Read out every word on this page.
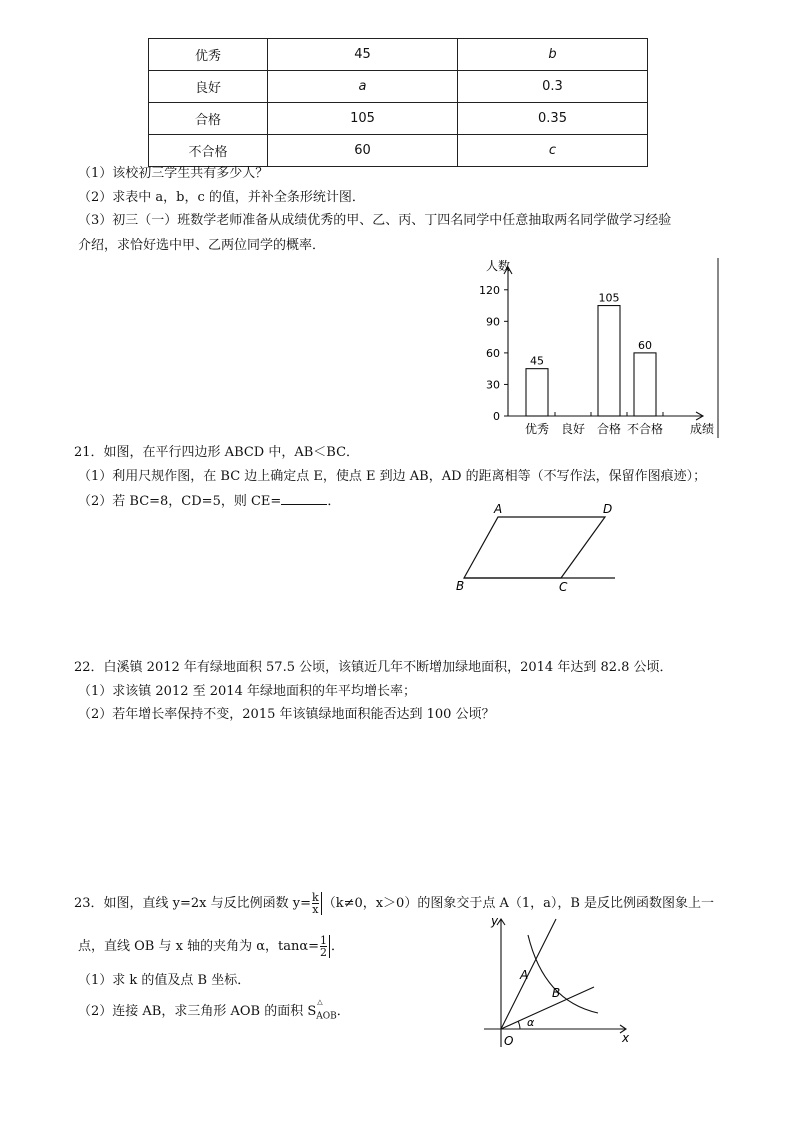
优秀	45	b
良好	a	0.3
合格	105	0.35
不合格	60	c
（1）该校初三学生共有多少人？
（2）求表中 a，b，c 的值，并补全条形统计图．
（3）初三（一）班数学老师准备从成绩优秀的甲、乙、丙、丁四名同学中任意抽取两名同学做学习经验
介绍，求恰好选中甲、乙两位同学的概率．
人数
成绩
0
30
60
90
120
45
优秀 良好
105
合格
60
不合格
21．如图，在平行四边形 ABCD 中，AB＜BC．
（1）利用尺规作图，在 BC 边上确定点 E，使点 E 到边 AB，AD 的距离相等（不写作法，保留作图痕迹）；
（2）若 BC=8，CD=5，则 CE=	．	A	D
B	C
22．白溪镇 2012 年有绿地面积 57.5 公顷，该镇近几年不断增加绿地面积，2014 年达到 82.8 公顷．
（1）求该镇 2012 至 2014 年绿地面积的年平均增长率；
（2）若年增长率保持不变，2015 年该镇绿地面积能否达到 100 公顷？
23．如图，直线 y=2x 与反比例函数 $y= \frac{k}{x} (k\ne 0$，x＞0）的图象交于点 A（1，a），B 是反比例函数图象上一
点，直线 OB 与 x 轴的夹角为 α，$\tan\alpha= \frac{1}{2}$ ．
（1）求 k 的值及点 B 坐标．
（2）连接 AB，求三角形 AOB 的面积 S
△
$_{AOB}$．
y
x
O
A
B
α
